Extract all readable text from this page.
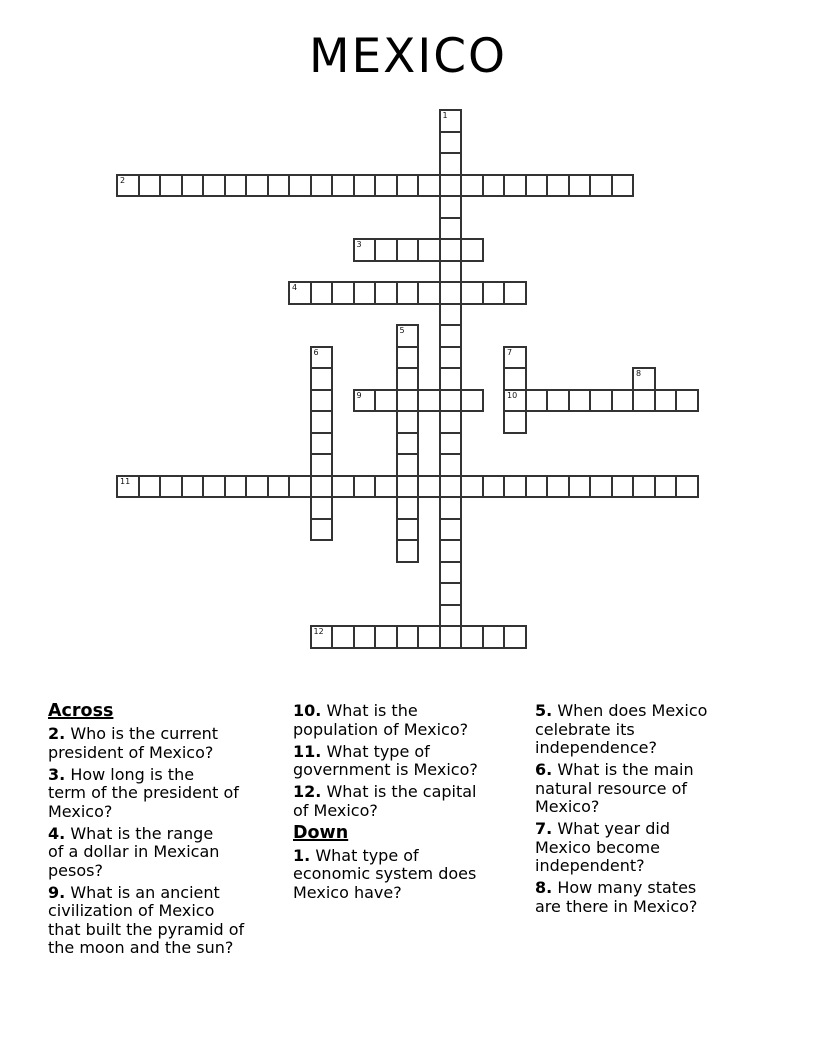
MEXICO
1
2
3
4
5
6	7
8
9	10
11
12
Across
2. Who is the current
president of Mexico?
3. How long is the
term of the president of
Mexico?
4. What is the range
of a dollar in Mexican
pesos?
9. What is an ancient
civilization of Mexico
that built the pyramid of
the moon and the sun?
10. What is the
population of Mexico?
11. What type of
government is Mexico?
12. What is the capital
of Mexico?
Down
1. What type of
economic system does
Mexico have?
5. When does Mexico
celebrate its
independence?
6. What is the main
natural resource of
Mexico?
7. What year did
Mexico become
independent?
8. How many states
are there in Mexico?
